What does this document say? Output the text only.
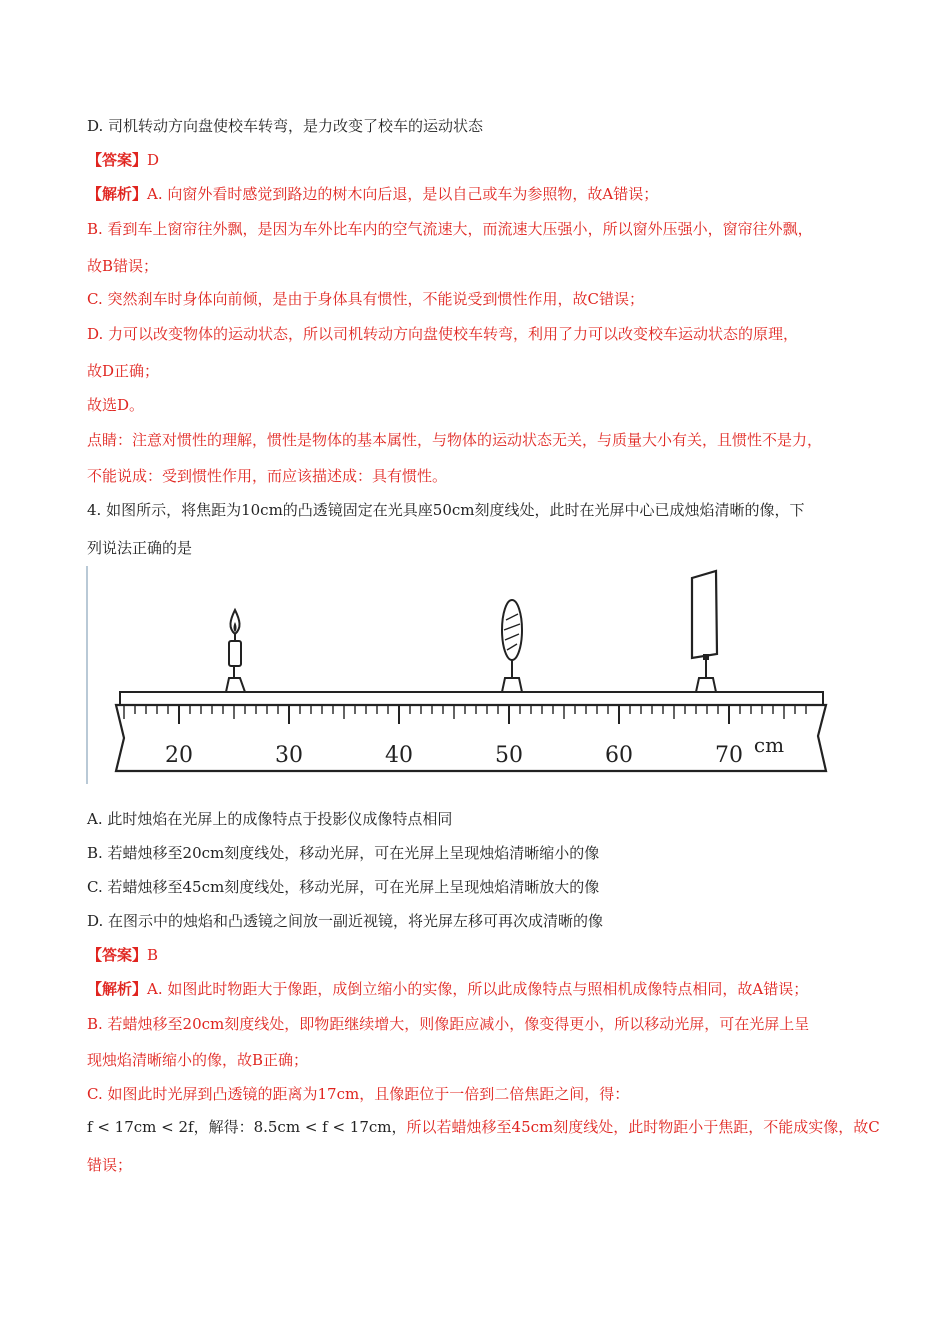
D. 司机转动方向盘使校车转弯，是力改变了校车的运动状态
【答案】D
【解析】A. 向窗外看时感觉到路边的树木向后退，是以自己或车为参照物，故A错误；
B. 看到车上窗帘往外飘，是因为车外比车内的空气流速大，而流速大压强小，所以窗外压强小，窗帘往外飘，
故B错误；
C. 突然刹车时身体向前倾，是由于身体具有惯性，不能说受到惯性作用，故C错误；
D. 力可以改变物体的运动状态，所以司机转动方向盘使校车转弯，利用了力可以改变校车运动状态的原理，
故D正确；
故选D。
点睛：注意对惯性的理解，惯性是物体的基本属性，与物体的运动状态无关，与质量大小有关，且惯性不是力，
不能说成：受到惯性作用，而应该描述成：具有惯性。
4. 如图所示，将焦距为10cm的凸透镜固定在光具座50cm刻度线处，此时在光屏中心已成烛焰清晰的像，下
列说法正确的是
20	30	40	50	60	70 cm
A. 此时烛焰在光屏上的成像特点于投影仪成像特点相同
B. 若蜡烛移至20cm刻度线处，移动光屏，可在光屏上呈现烛焰清晰缩小的像
C. 若蜡烛移至45cm刻度线处，移动光屏，可在光屏上呈现烛焰清晰放大的像
D. 在图示中的烛焰和凸透镜之间放一副近视镜，将光屏左移可再次成清晰的像
【答案】B
【解析】A. 如图此时物距大于像距，成倒立缩小的实像，所以此成像特点与照相机成像特点相同，故A错误；
B. 若蜡烛移至20cm刻度线处，即物距继续增大，则像距应减小，像变得更小，所以移动光屏，可在光屏上呈
现烛焰清晰缩小的像，故B正确；
C. 如图此时光屏到凸透镜的距离为17cm，且像距位于一倍到二倍焦距之间，得：
f < 17cm < 2f，解得：8.5cm < f < 17cm，所以若蜡烛移至45cm刻度线处，此时物距小于焦距，不能成实像，故C
错误；
